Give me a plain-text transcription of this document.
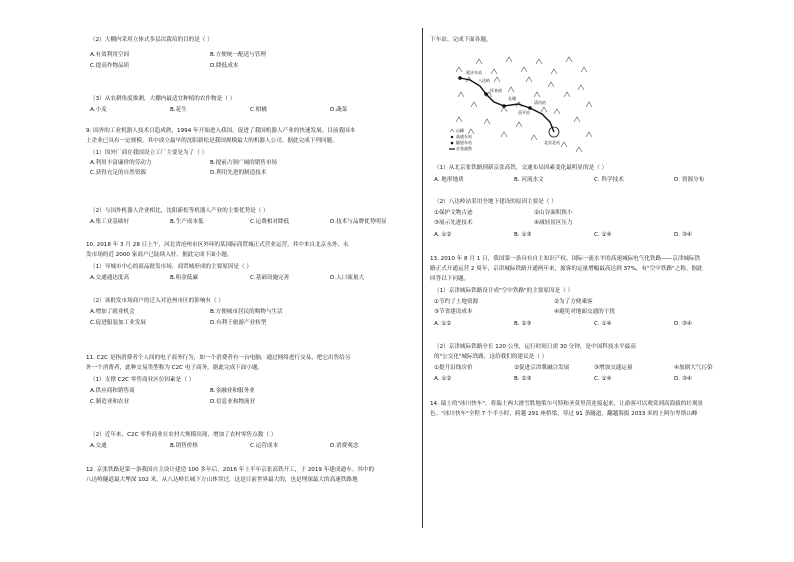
（2）大棚内采用立体式多层次栽培的目的是（ ）
A.有效利用空间	B.方便统一配送与管理
C.提高作物品质	D.降低成本
（3）从农耕角度推测，大棚内最适宜种植的农作物是（ ）
A.小麦	B.花生	C.柑橘	D.蔬菜
9. 国外的工业机器人技术日趋成熟，1994 年开始进入我国，促进了我国机器人产业的快速发展。目前我国本
土企业已具有一定规模，其中成立最早的沈阳新松是我国规模最大的机器人公司。据此完成下列问题。
（1）国外厂商在我国设立工厂主要是为了（ ）
A.利用丰富廉价的劳动力	B.提前占领广阔的销售市场
C.获得充足的自然资源	D.利用先进的制造技术
（2）与国外机器人企业相比，沈阳新松等机器人产业的主要优势是（ ）
A.集工业基础好	B.生产成本低	C.运费相对降低	D.技术与品牌优势明显
10. 2018 年 3 月 28 日上午，河北省沧州市区外环的某国际商贸城正式营业运营，其中来自北京永外、永
发市场的近 2000 家商户已陆续入驻。据此完成下面小题。
（1）导城市中心的商品批发市场，商贸城形成的主要原因是（ ）
A.交通通达度高	B.租金低廉	C.基础设施完善	D.人口流量大
（2）该批发市场商户的迁入对沧州市区的影响有（ ）
A.增加了就业机会	B.方便城市居民的购物与生活
C.促进服装加工业发展	D.有利于旅游产业转型
11. C2C 是指消费者个人间的电子商务行为，如一个消费者有一台电脑，通过网络进行交易，把它出售给另
外一个消费者，此种交易类型称为 C2C 电子商务。据此完成下面小题。
（1）支撑 C2C 零售商业区位因素是（ ）
A.供应商和销售商	B.金融业和服务业
C.制造业和农业	D.信息业和物流业
（2）近年来，C2C 零售商业在农村大规模出现，增加了农村零售点数（ ）
A.交通	B.销售价格	C.运营成本	D.消费观念
12. 京张铁路是第一条我国自主设计建造 100 多年后，2016 年上半年京张高铁开工，于 2019 年建成通车。其中的
八达岭隧道最大埋深 102 米，从八达岭长城下方山体穿过，这是目前世界最大的，也是埋深最大的高速铁路地
下车站。完成下面各题。
延庆车站
八达岭
怀来南
长城
北京北站
清河站
昌平站
山峰
高速车站
隧道车站
京张高铁
（1）从北京张铁路到新京张高铁，交通布局因素变化最明显的是（ ）
A. 地形地质	B. 河流水文	C. 科学技术	D. 资源分布
（2）八达岭站采用全地下建设的原因主要是（ ）
①保护文物古迹	②山谷面积狭小
③展示先进技术	④减轻景区压力
A. ①②	B. ①③	C. ①④	D. ③④
13. 2010 年 8 月 1 日，我国第一条具有自主知识产权、国际一流水平的高速城际电气化铁路——京津城际铁
路正式开通运营 2 周年，京津城际铁路开通两年来，旅客的运量增幅最高达到 37%，有"空中铁路"之称。据此
回答以下问题。
（1）京津城际铁路设计成"空中铁路"的主要原因是（ ）
①节约了土地资源	②为了方便乘客
③节省建设成本	④避免对地面交通的干扰
A. ①②	B. ②③	C. ①④	D. ③④
（2）京津城际铁路全长 120 公里，运行时间只需 30 分钟，是中国科技水平最高
的"公交化"城际铁路，这给我们的建议是（ ）
①提升沿线房价	②促进京津冀融合发展	③增加交通运量	④加剧大气污染
A. ①②	B. ②③	C. ①④	D. ③④
14. 瑞士的"冰川快车"，将瑞士两大滑雪胜地策尔马特和圣莫里茨连接起来，让游客可以观赏到高海拔的壮观景
色。"冰川快车"全程 7 个半小时，跨越 291 座桥梁，穿过 91 条隧道，翻越海拔 2033 米的上阿尔卑斯山峰
